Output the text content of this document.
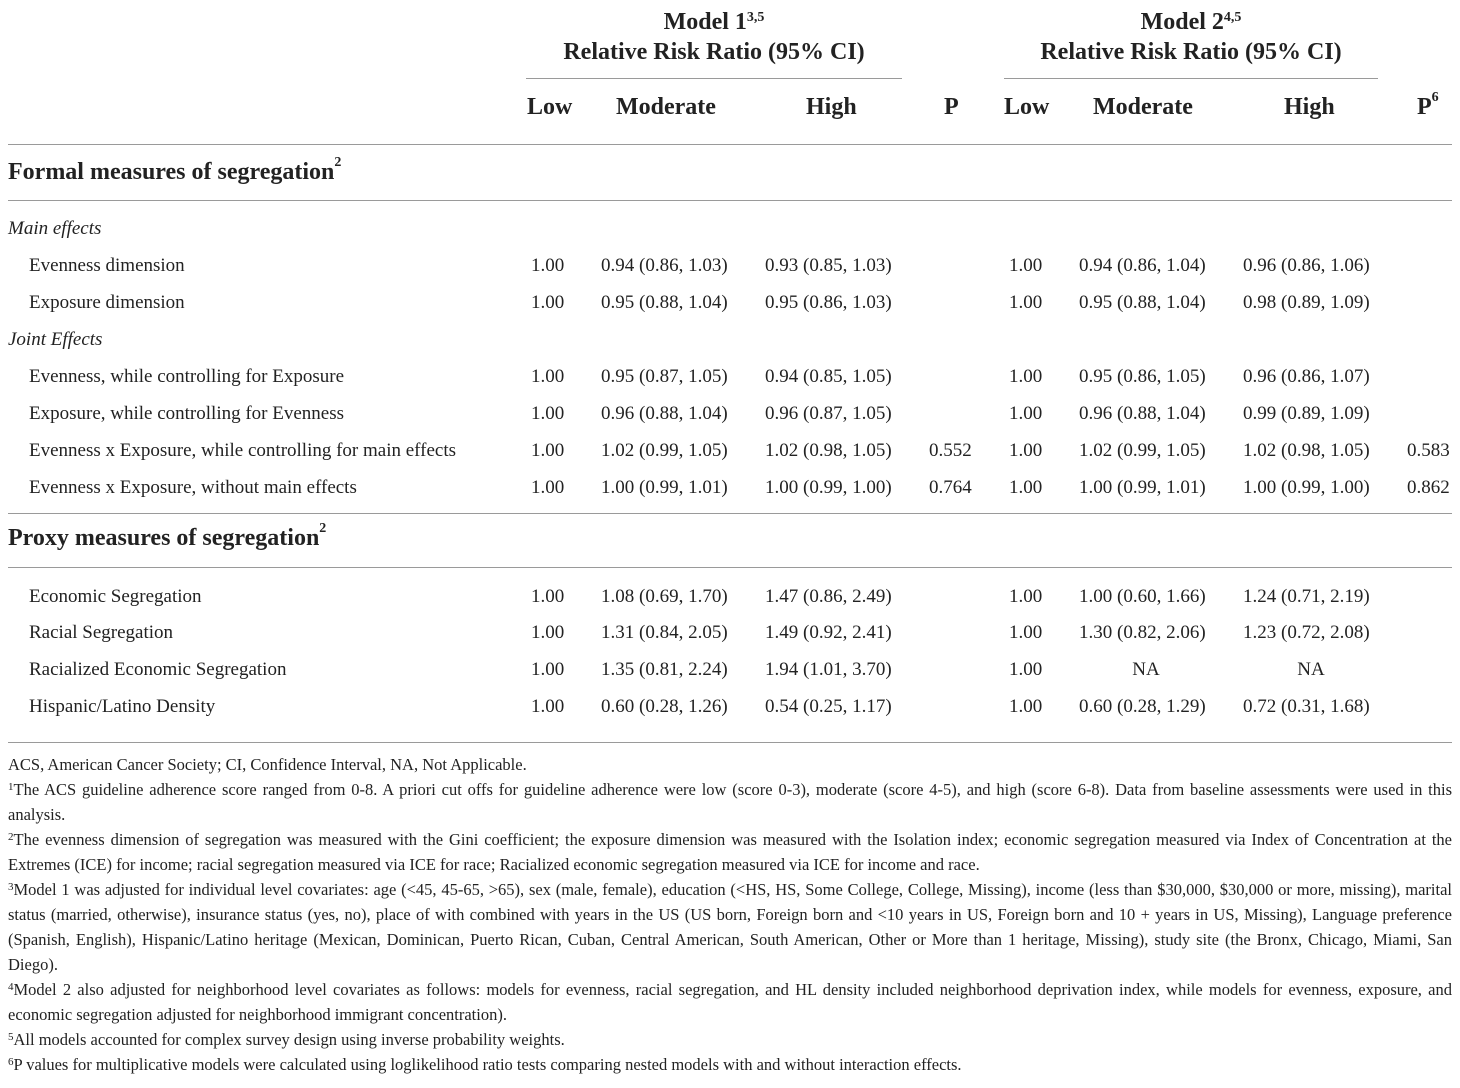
Model 1$^{3,5}$
Relative Risk Ratio (95% CI)
Model 2$^{4,5}$
Relative Risk Ratio (95% CI)
Low Moderate	High	P Low Moderate	High	$P^6$
Formal measures of segregation$^2$
Main effects
Joint Effects
Evenness dimension	1.00 0.94 (0.86, 1.03) 0.93 (0.85, 1.03)	1.00 0.94 (0.86, 1.04) 0.96 (0.86, 1.06)
Exposure dimension	1.00 0.95 (0.88, 1.04) 0.95 (0.86, 1.03)	1.00 0.95 (0.88, 1.04) 0.98 (0.89, 1.09)
Evenness, while controlling for Exposure	1.00 0.95 (0.87, 1.05) 0.94 (0.85, 1.05)	1.00 0.95 (0.86, 1.05) 0.96 (0.86, 1.07)
Exposure, while controlling for Evenness	1.00 0.96 (0.88, 1.04) 0.96 (0.87, 1.05)	1.00 0.96 (0.88, 1.04) 0.99 (0.89, 1.09)
Evenness x Exposure, while controlling for main effects	1.00 1.02 (0.99, 1.05) 1.02 (0.98, 1.05) 0.552 1.00 1.02 (0.99, 1.05) 1.02 (0.98, 1.05) 0.583
Evenness x Exposure, without main effects	1.00 1.00 (0.99, 1.01) 1.00 (0.99, 1.00) 0.764 1.00 1.00 (0.99, 1.01) 1.00 (0.99, 1.00) 0.862
Economic Segregation	1.00 1.08 (0.69, 1.70) 1.47 (0.86, 2.49)	1.00 1.00 (0.60, 1.66) 1.24 (0.71, 2.19)
Racial Segregation	1.00 1.31 (0.84, 2.05) 1.49 (0.92, 2.41)	1.00 1.30 (0.82, 2.06) 1.23 (0.72, 2.08)
Racialized Economic Segregation	1.00 1.35 (0.81, 2.24) 1.94 (1.01, 3.70)	1.00	NA	NA
Hispanic/Latino Density	1.00 0.60 (0.28, 1.26) 0.54 (0.25, 1.17)	1.00 0.60 (0.28, 1.29) 0.72 (0.31, 1.68)
Proxy measures of segregation$^2$

ACS, American Cancer Society; CI, Confidence Interval, NA, Not Applicable.

$^1$The ACS guideline adherence score ranged from 0-8. A priori cut offs for guideline adherence were low (score 0-3), moderate (score 4-5), and high (score 6-8). Data from baseline assessments were used in this analysis.

$^2$The evenness dimension of segregation was measured with the Gini coefficient; the exposure dimension was measured with the Isolation index; economic segregation measured via Index of Concentration at the Extremes (ICE) for income; racial segregation measured via ICE for race; Racialized economic segregation measured via ICE for income and race.

$^3$Model 1 was adjusted for individual level covariates: age (<45, 45-65, >65), sex (male, female), education (<HS, HS, Some College, College, Missing), income (less than $30,000, $30,000 or more, missing), marital status (married, otherwise), insurance status (yes, no), place of with combined with years in the US (US born, Foreign born and <10 years in US, Foreign born and 10 + years in US, Missing), Language preference (Spanish, English), Hispanic/Latino heritage (Mexican, Dominican, Puerto Rican, Cuban, Central American, South American, Other or More than 1 heritage, Missing), study site (the Bronx, Chicago, Miami, San Diego).

$^4$Model 2 also adjusted for neighborhood level covariates as follows: models for evenness, racial segregation, and HL density included neighborhood deprivation index, while models for evenness, exposure, and economic segregation adjusted for neighborhood immigrant concentration).

$^5$All models accounted for complex survey design using inverse probability weights.

$^6$P values for multiplicative models were calculated using loglikelihood ratio tests comparing nested models with and without interaction effects.
